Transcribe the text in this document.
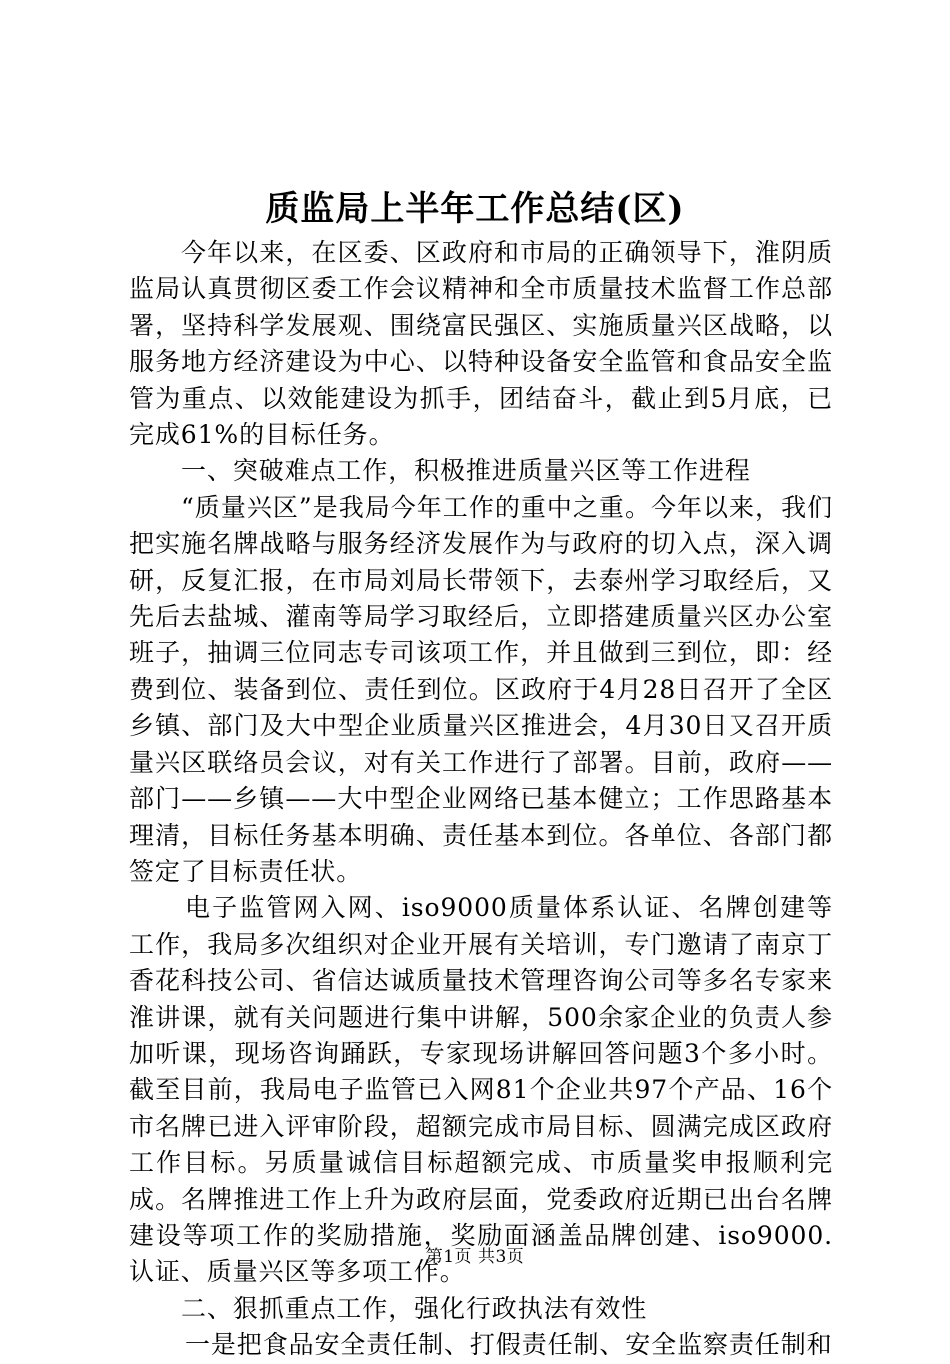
质监局上半年工作总结(区)

今年以来，在区委、区政府和市局的正确领导下，淮阴质监局认真贯彻区委工作会议精神和全市质量技术监督工作总部署，坚持科学发展观、围绕富民强区、实施质量兴区战略，以服务地方经济建设为中心、以特种设备安全监管和食品安全监管为重点、以效能建设为抓手，团结奋斗，截止到5月底，已完成61%的目标任务。

一、突破难点工作，积极推进质量兴区等工作进程

“质量兴区”是我局今年工作的重中之重。今年以来，我们把实施名牌战略与服务经济发展作为与政府的切入点，深入调研，反复汇报，在市局刘局长带领下，去泰州学习取经后，又先后去盐城、灌南等局学习取经后，立即搭建质量兴区办公室班子，抽调三位同志专司该项工作，并且做到三到位，即：经费到位、装备到位、责任到位。区政府于4月28日召开了全区乡镇、部门及大中型企业质量兴区推进会，4月30日又召开质量兴区联络员会议，对有关工作进行了部署。目前，政府——部门——乡镇——大中型企业网络已基本健立；工作思路基本理清，目标任务基本明确、责任基本到位。各单位、各部门都签定了目标责任状。

电子监管网入网、iso9000质量体系认证、名牌创建等工作，我局多次组织对企业开展有关培训，专门邀请了南京丁香花科技公司、省信达诚质量技术管理咨询公司等多名专家来淮讲课，就有关问题进行集中讲解，500余家企业的负责人参加听课，现场咨询踊跃，专家现场讲解回答问题3个多小时。截至目前，我局电子监管已入网81个企业共97个产品、16个市名牌已进入评审阶段，超额完成市局目标、圆满完成区政府工作目标。另质量诚信目标超额完成、市质量奖申报顺利完成。名牌推进工作上升为政府层面，党委政府近期已出台名牌建设等项工作的奖励措施，奖励面涵盖品牌创建、iso9000.认证、质量兴区等多项工作。

二、狠抓重点工作，强化行政执法有效性

一是把食品安全责任制、打假责任制、安全监察责任制和

第1页 共3页
